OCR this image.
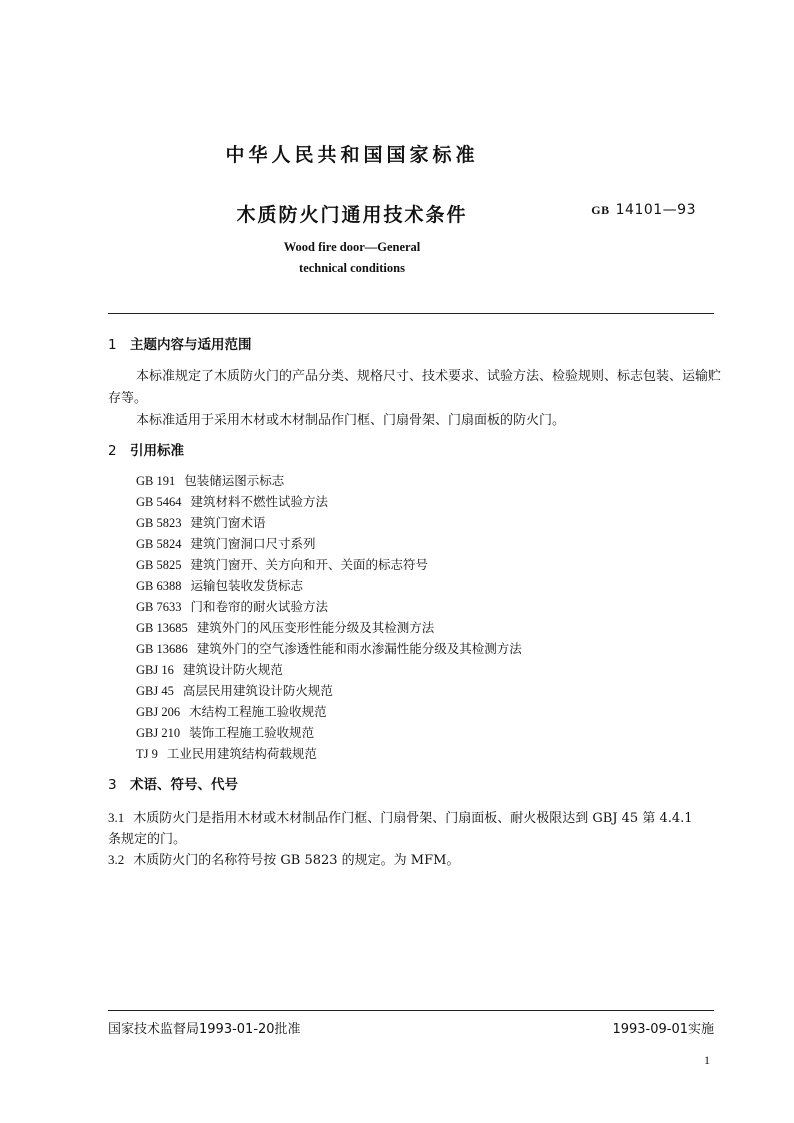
中华人民共和国国家标准
木质防火门通用技术条件	GB 14101—93
Wood fire door—General
technical conditions
1 主题内容与适用范围
本标准规定了木质防火门的产品分类、规格尺寸、技术要求、试验方法、检验规则、标志包装、运输贮
存等。
本标准适用于采用木材或木材制品作门框、门扇骨架、门扇面板的防火门。
2 引用标准
GB 191 包装储运图示标志
GB 5464 建筑材料不燃性试验方法
GB 5823 建筑门窗术语
GB 5824 建筑门窗洞口尺寸系列
GB 5825 建筑门窗开、关方向和开、关面的标志符号
GB 6388 运输包装收发货标志
GB 7633 门和卷帘的耐火试验方法
GB 13685 建筑外门的风压变形性能分级及其检测方法
GB 13686 建筑外门的空气渗透性能和雨水渗漏性能分级及其检测方法
GBJ 16 建筑设计防火规范
GBJ 45 高层民用建筑设计防火规范
GBJ 206 木结构工程施工验收规范
GBJ 210 装饰工程施工验收规范
TJ 9 工业民用建筑结构荷载规范
3 术语、符号、代号
3.1 木质防火门是指用木材或木材制品作门框、门扇骨架、门扇面板、耐火极限达到 GBJ 45 第 4.4.1
条规定的门。
3.2 木质防火门的名称符号按 GB 5823 的规定。为 MFM。
国家技术监督局1993-01-20批准	1993-09-01实施
1
